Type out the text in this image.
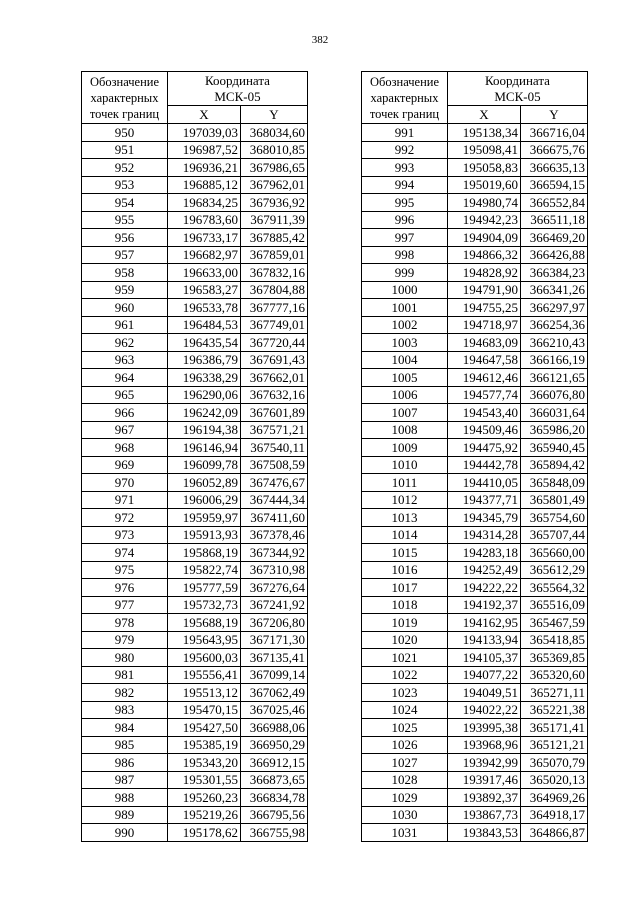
382
Обозначение
характерных
точек границ	Координата
МСК-05	

	X	Y
950	197039,03	368034,60
951	196987,52	368010,85
952	196936,21	367986,65
953	196885,12	367962,01
954	196834,25	367936,92
955	196783,60	367911,39
956	196733,17	367885,42
957	196682,97	367859,01
958	196633,00	367832,16
959	196583,27	367804,88
960	196533,78	367777,16
961	196484,53	367749,01
962	196435,54	367720,44
963	196386,79	367691,43
964	196338,29	367662,01
965	196290,06	367632,16
966	196242,09	367601,89
967	196194,38	367571,21
968	196146,94	367540,11
969	196099,78	367508,59
970	196052,89	367476,67
971	196006,29	367444,34
972	195959,97	367411,60
973	195913,93	367378,46
974	195868,19	367344,92
975	195822,74	367310,98
976	195777,59	367276,64
977	195732,73	367241,92
978	195688,19	367206,80
979	195643,95	367171,30
980	195600,03	367135,41
981	195556,41	367099,14
982	195513,12	367062,49
983	195470,15	367025,46
984	195427,50	366988,06
985	195385,19	366950,29
986	195343,20	366912,15
987	195301,55	366873,65
988	195260,23	366834,78
989	195219,26	366795,56
990	195178,62	366755,98
Обозначение
характерных
точек границ	Координата
МСК-05	

	X	Y
991	195138,34	366716,04
992	195098,41	366675,76
993	195058,83	366635,13
994	195019,60	366594,15
995	194980,74	366552,84
996	194942,23	366511,18
997	194904,09	366469,20
998	194866,32	366426,88
999	194828,92	366384,23
1000	194791,90	366341,26
1001	194755,25	366297,97
1002	194718,97	366254,36
1003	194683,09	366210,43
1004	194647,58	366166,19
1005	194612,46	366121,65
1006	194577,74	366076,80
1007	194543,40	366031,64
1008	194509,46	365986,20
1009	194475,92	365940,45
1010	194442,78	365894,42
1011	194410,05	365848,09
1012	194377,71	365801,49
1013	194345,79	365754,60
1014	194314,28	365707,44
1015	194283,18	365660,00
1016	194252,49	365612,29
1017	194222,22	365564,32
1018	194192,37	365516,09
1019	194162,95	365467,59
1020	194133,94	365418,85
1021	194105,37	365369,85
1022	194077,22	365320,60
1023	194049,51	365271,11
1024	194022,22	365221,38
1025	193995,38	365171,41
1026	193968,96	365121,21
1027	193942,99	365070,79
1028	193917,46	365020,13
1029	193892,37	364969,26
1030	193867,73	364918,17
1031	193843,53	364866,87
